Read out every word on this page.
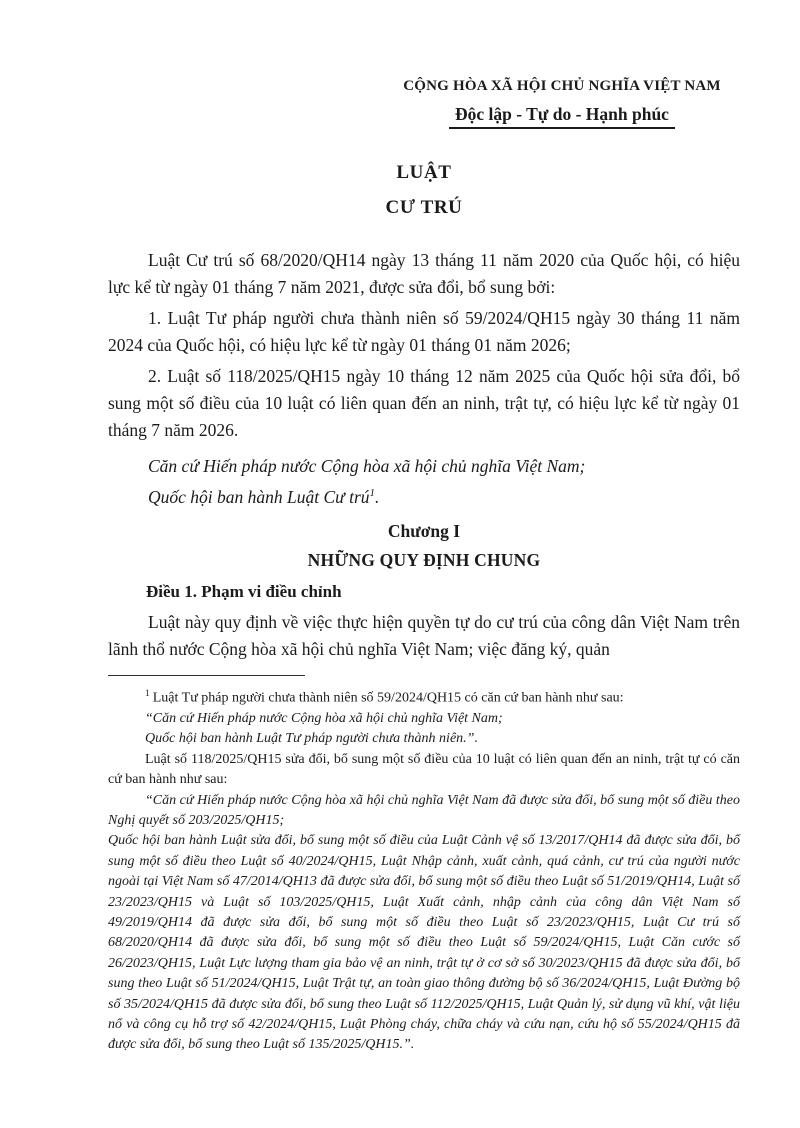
CỘNG HÒA XÃ HỘI CHỦ NGHĨA VIỆT NAM
Độc lập - Tự do - Hạnh phúc
LUẬT
CƯ TRÚ

Luật Cư trú số 68/2020/QH14 ngày 13 tháng 11 năm 2020 của Quốc hội, có hiệu lực kể từ ngày 01 tháng 7 năm 2021, được sửa đổi, bổ sung bởi:

1. Luật Tư pháp người chưa thành niên số 59/2024/QH15 ngày 30 tháng 11 năm 2024 của Quốc hội, có hiệu lực kể từ ngày 01 tháng 01 năm 2026;

2. Luật số 118/2025/QH15 ngày 10 tháng 12 năm 2025 của Quốc hội sửa đổi, bổ sung một số điều của 10 luật có liên quan đến an ninh, trật tự, có hiệu lực kể từ ngày 01 tháng 7 năm 2026.

Căn cứ Hiến pháp nước Cộng hòa xã hội chủ nghĩa Việt Nam;

Quốc hội ban hành Luật Cư trú$^1$.

Chương I
NHỮNG QUY ĐỊNH CHUNG

Điều 1. Phạm vi điều chỉnh

Luật này quy định về việc thực hiện quyền tự do cư trú của công dân Việt Nam trên lãnh thổ nước Cộng hòa xã hội chủ nghĩa Việt Nam; việc đăng ký, quản

$^1$ Luật Tư pháp người chưa thành niên số 59/2024/QH15 có căn cứ ban hành như sau:

“Căn cứ Hiến pháp nước Cộng hòa xã hội chủ nghĩa Việt Nam;

Quốc hội ban hành Luật Tư pháp người chưa thành niên.”.

Luật số 118/2025/QH15 sửa đổi, bổ sung một số điều của 10 luật có liên quan đến an ninh, trật tự có căn cứ ban hành như sau:

“Căn cứ Hiến pháp nước Cộng hòa xã hội chủ nghĩa Việt Nam đã được sửa đổi, bổ sung một số điều theo Nghị quyết số 203/2025/QH15;

Quốc hội ban hành Luật sửa đổi, bổ sung một số điều của Luật Cảnh vệ số 13/2017/QH14 đã được sửa đổi, bổ sung một số điều theo Luật số 40/2024/QH15, Luật Nhập cảnh, xuất cảnh, quá cảnh, cư trú của người nước ngoài tại Việt Nam số 47/2014/QH13 đã được sửa đổi, bổ sung một số điều theo Luật số 51/2019/QH14, Luật số 23/2023/QH15 và Luật số 103/2025/QH15, Luật Xuất cảnh, nhập cảnh của công dân Việt Nam số 49/2019/QH14 đã được sửa đổi, bổ sung một số điều theo Luật số 23/2023/QH15, Luật Cư trú số 68/2020/QH14 đã được sửa đổi, bổ sung một số điều theo Luật số 59/2024/QH15, Luật Căn cước số 26/2023/QH15, Luật Lực lượng tham gia bảo vệ an ninh, trật tự ở cơ sở số 30/2023/QH15 đã được sửa đổi, bổ sung theo Luật số 51/2024/QH15, Luật Trật tự, an toàn giao thông đường bộ số 36/2024/QH15, Luật Đường bộ số 35/2024/QH15 đã được sửa đổi, bổ sung theo Luật số 112/2025/QH15, Luật Quản lý, sử dụng vũ khí, vật liệu nổ và công cụ hỗ trợ số 42/2024/QH15, Luật Phòng cháy, chữa cháy và cứu nạn, cứu hộ số 55/2024/QH15 đã được sửa đổi, bổ sung theo Luật số 135/2025/QH15.”.
